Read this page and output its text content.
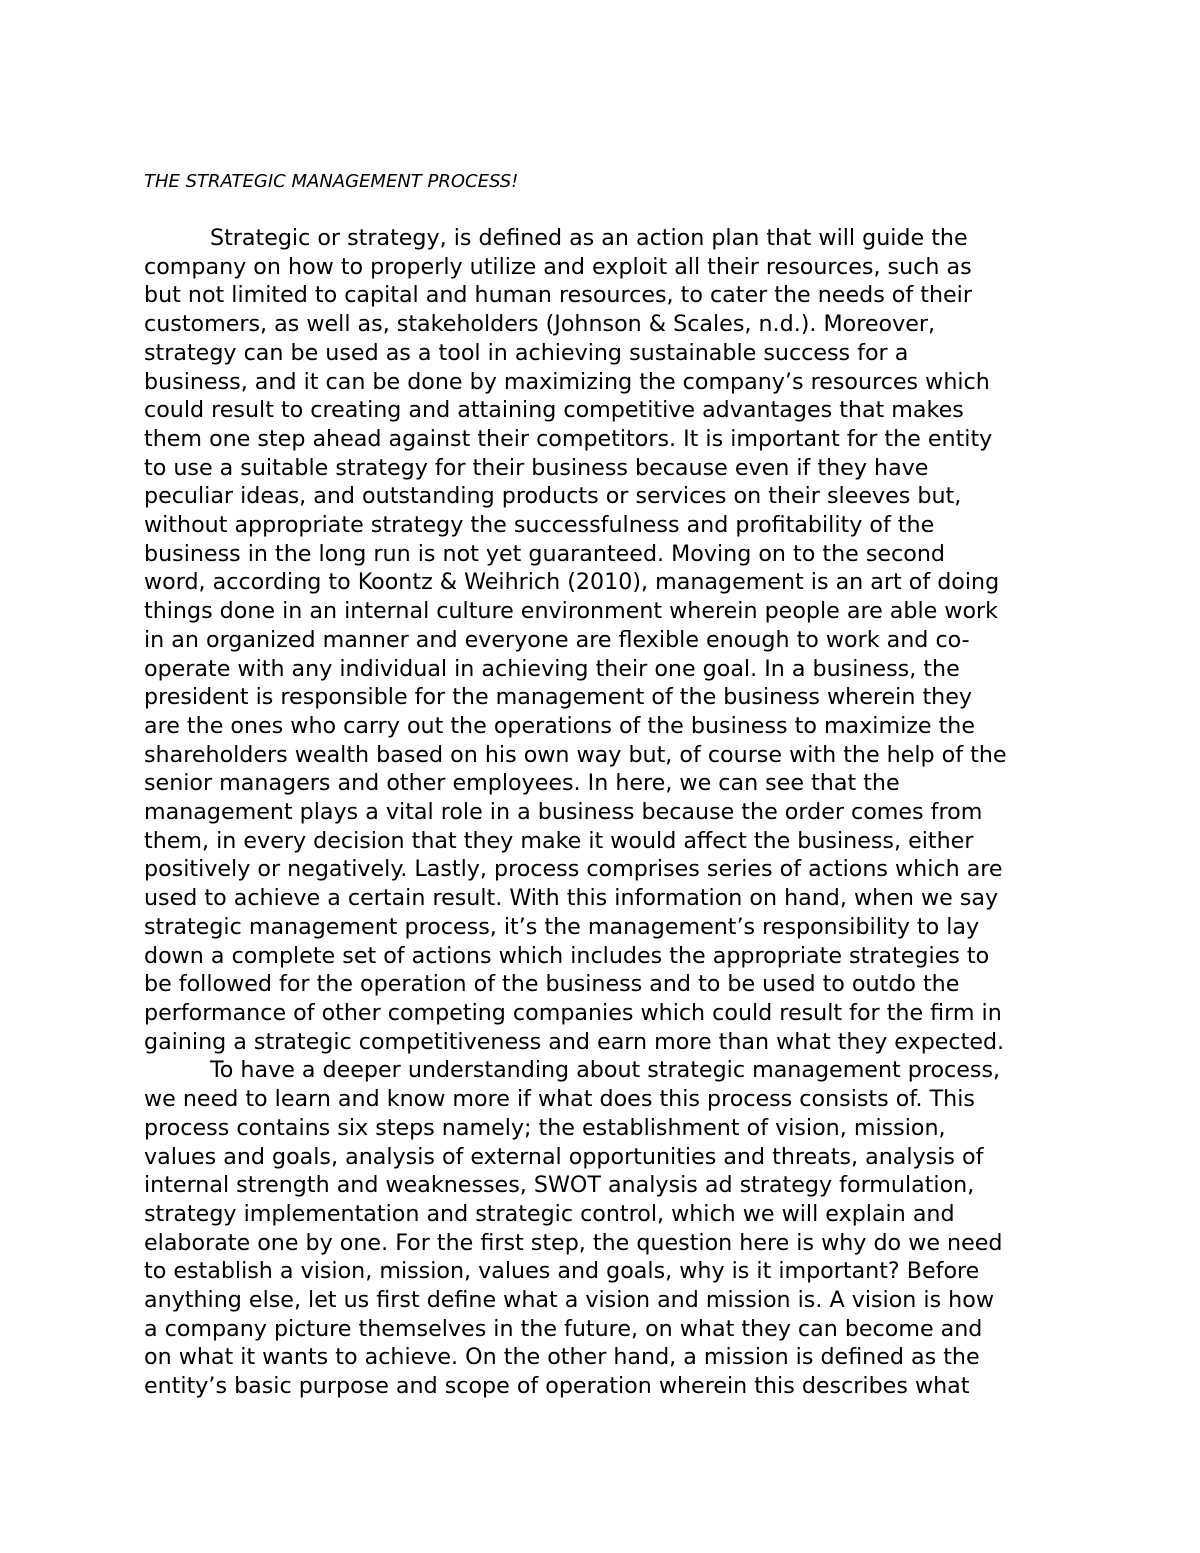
THE STRATEGIC MANAGEMENT PROCESS!
Strategic or strategy, is defined as an action plan that will guide the
company on how to properly utilize and exploit all their resources, such as
but not limited to capital and human resources, to cater the needs of their
customers, as well as, stakeholders (Johnson & Scales, n.d.). Moreover,
strategy can be used as a tool in achieving sustainable success for a
business, and it can be done by maximizing the company’s resources which
could result to creating and attaining competitive advantages that makes
them one step ahead against their competitors. It is important for the entity
to use a suitable strategy for their business because even if they have
peculiar ideas, and outstanding products or services on their sleeves but,
without appropriate strategy the successfulness and profitability of the
business in the long run is not yet guaranteed. Moving on to the second
word, according to Koontz & Weihrich (2010), management is an art of doing
things done in an internal culture environment wherein people are able work
in an organized manner and everyone are flexible enough to work and co-
operate with any individual in achieving their one goal. In a business, the
president is responsible for the management of the business wherein they
are the ones who carry out the operations of the business to maximize the
shareholders wealth based on his own way but, of course with the help of the
senior managers and other employees. In here, we can see that the
management plays a vital role in a business because the order comes from
them, in every decision that they make it would affect the business, either
positively or negatively. Lastly, process comprises series of actions which are
used to achieve a certain result. With this information on hand, when we say
strategic management process, it’s the management’s responsibility to lay
down a complete set of actions which includes the appropriate strategies to
be followed for the operation of the business and to be used to outdo the
performance of other competing companies which could result for the firm in
gaining a strategic competitiveness and earn more than what they expected.
To have a deeper understanding about strategic management process,
we need to learn and know more if what does this process consists of. This
process contains six steps namely; the establishment of vision, mission,
values and goals, analysis of external opportunities and threats, analysis of
internal strength and weaknesses, SWOT analysis ad strategy formulation,
strategy implementation and strategic control, which we will explain and
elaborate one by one. For the first step, the question here is why do we need
to establish a vision, mission, values and goals, why is it important? Before
anything else, let us first define what a vision and mission is. A vision is how
a company picture themselves in the future, on what they can become and
on what it wants to achieve. On the other hand, a mission is defined as the
entity’s basic purpose and scope of operation wherein this describes what
